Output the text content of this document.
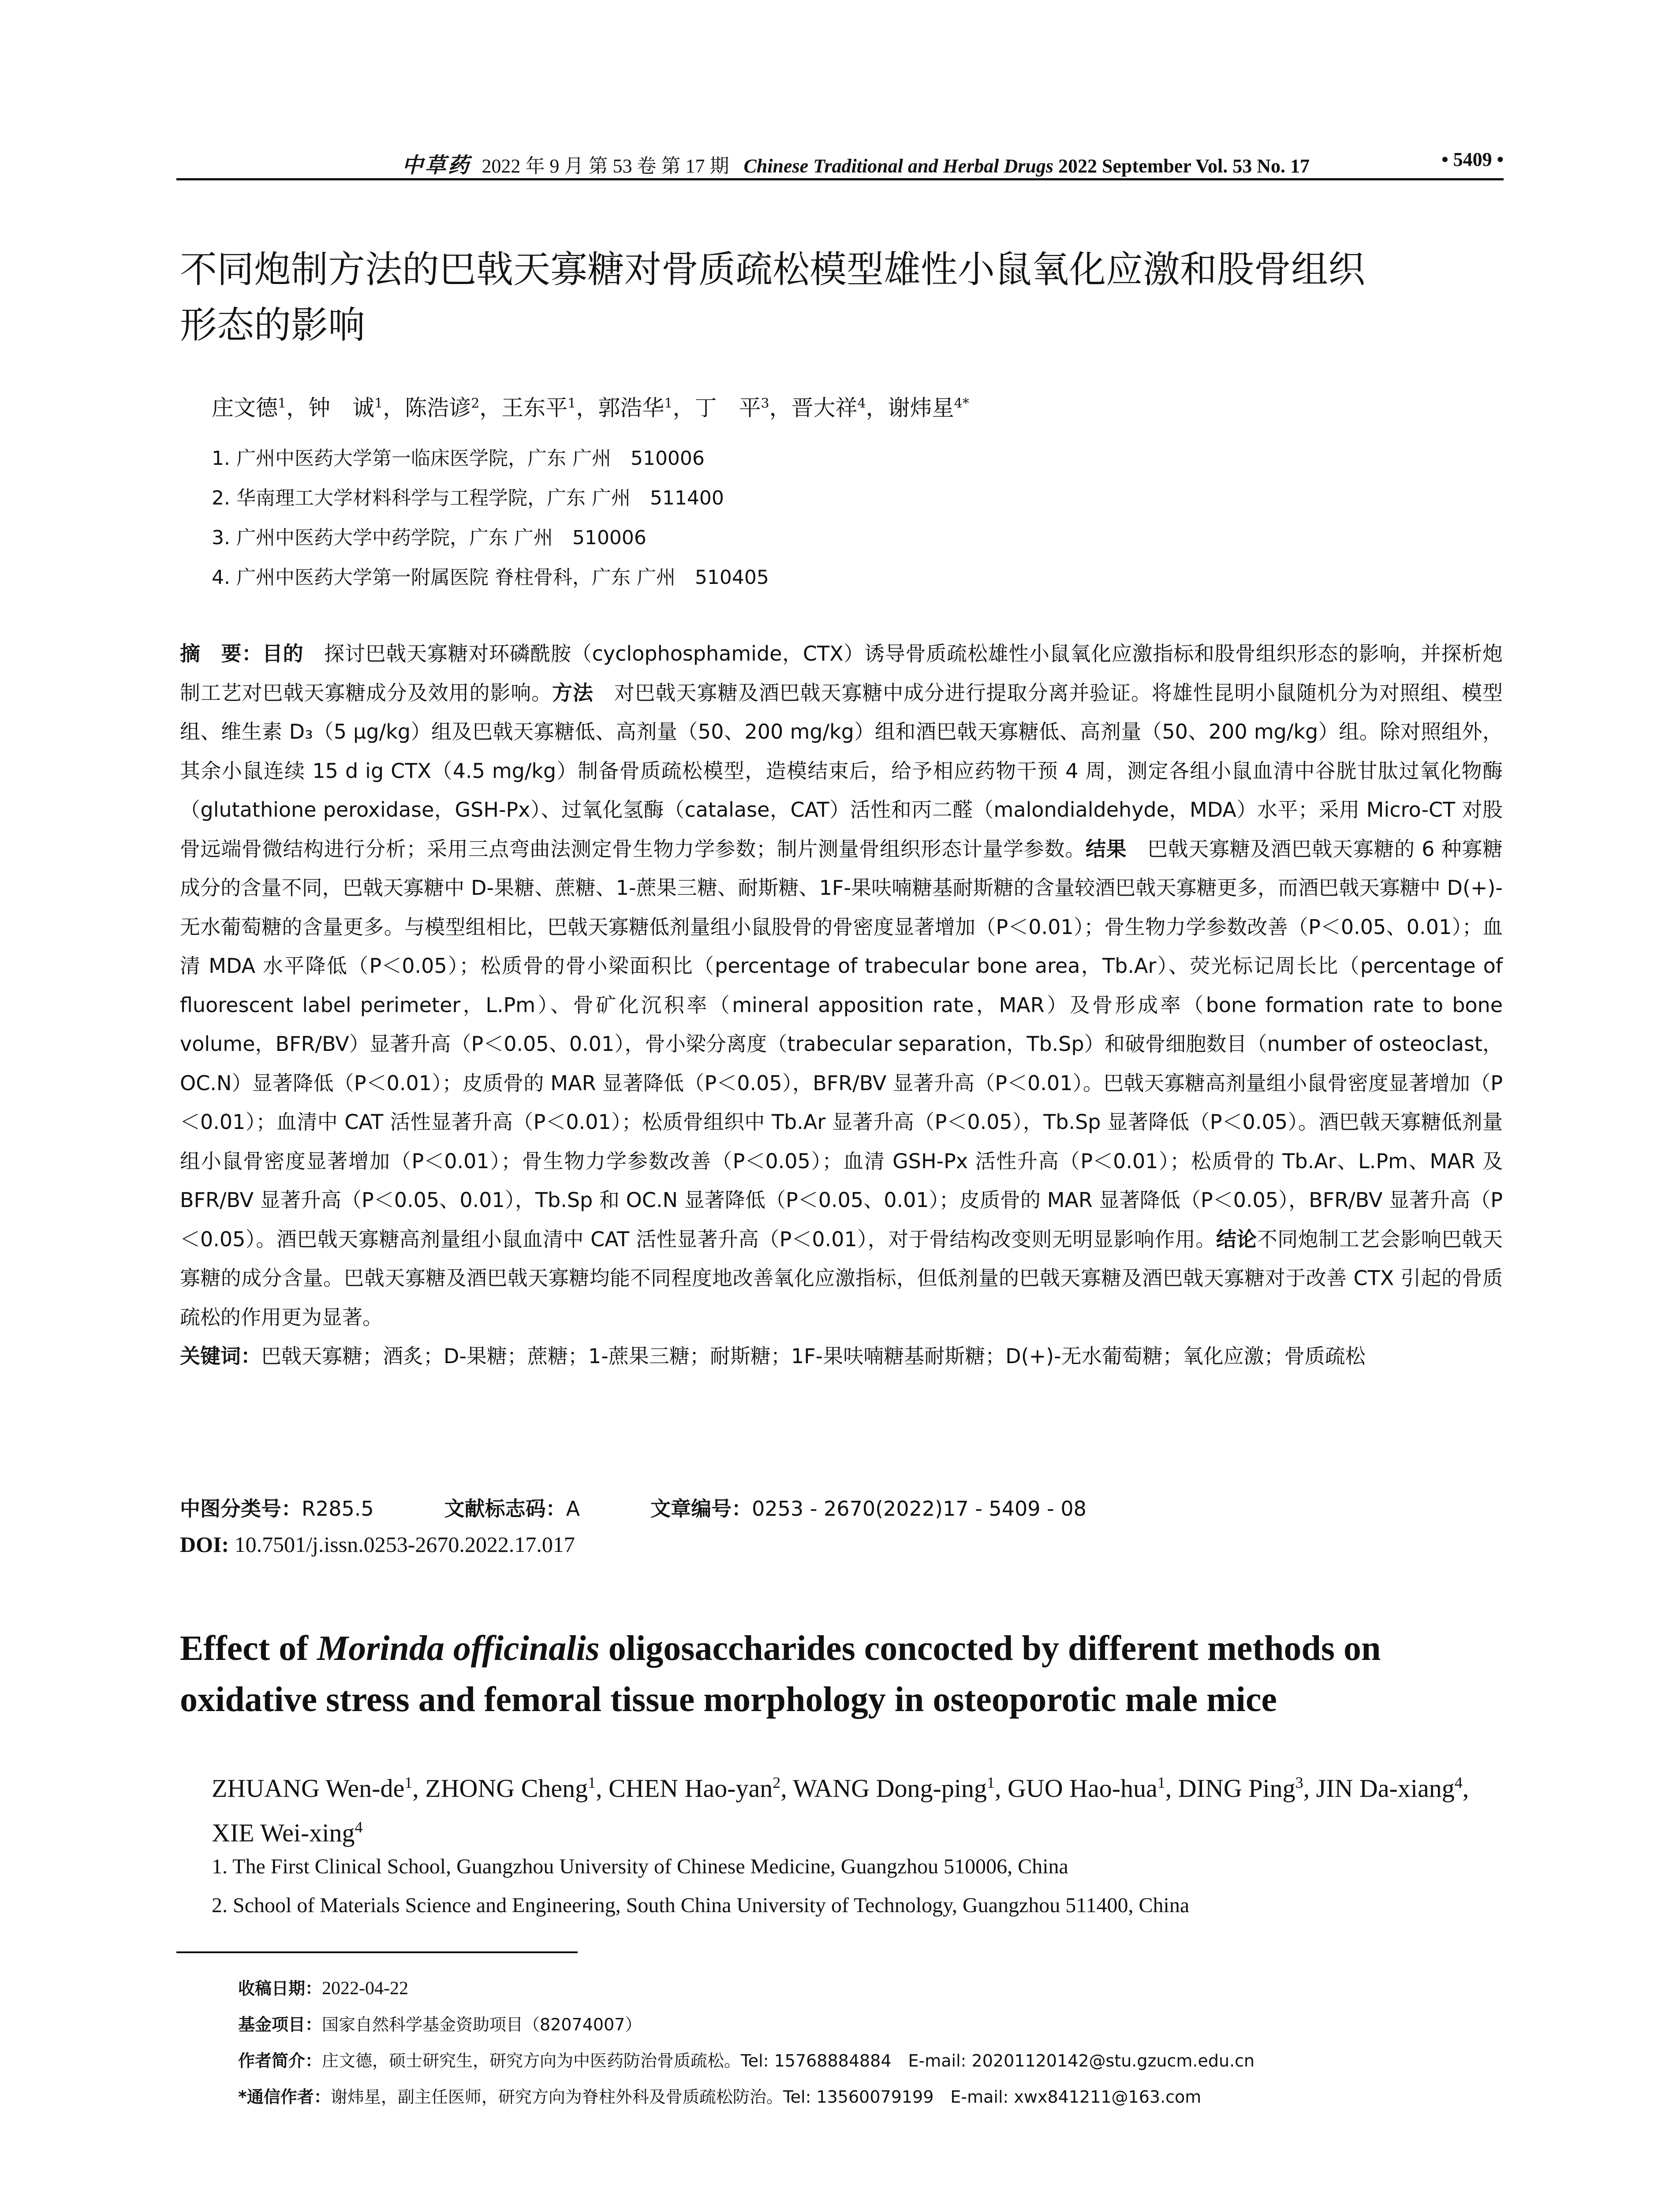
中草药 2022 年 9 月 第 53 卷 第 17 期 Chinese Traditional and Herbal Drugs 2022 September Vol. 53 No. 17	• 5409 •
不同炮制方法的巴戟天寡糖对骨质疏松模型雄性小鼠氧化应激和股骨组织
形态的影响
庄文德$^1$，钟　诚$^1$，陈浩谚$^2$，王东平$^1$，郭浩华$^1$，丁　平$^3$，晋大祥$^4$，谢炜星$^{4*}$
1. 广州中医药大学第一临床医学院，广东 广州　510006
2. 华南理工大学材料科学与工程学院，广东 广州　511400
3. 广州中医药大学中药学院，广东 广州　510006
4. 广州中医药大学第一附属医院 脊柱骨科，广东 广州　510405
摘　要：目的　探讨巴戟天寡糖对环磷酰胺（cyclophosphamide，CTX）诱导骨质疏松雄性小鼠氧化应激指标和股骨组织形态的影响，并探析炮制工艺对巴戟天寡糖成分及效用的影响。方法　对巴戟天寡糖及酒巴戟天寡糖中成分进行提取分离并验证。将雄性昆明小鼠随机分为对照组、模型组、维生素 D₃（5 μg/kg）组及巴戟天寡糖低、高剂量（50、200 mg/kg）组和酒巴戟天寡糖低、高剂量（50、200 mg/kg）组。除对照组外，其余小鼠连续 15 d ig CTX（4.5 mg/kg）制备骨质疏松模型，造模结束后，给予相应药物干预 4 周，测定各组小鼠血清中谷胱甘肽过氧化物酶（glutathione peroxidase，GSH-Px）、过氧化氢酶（catalase，CAT）活性和丙二醛（malondialdehyde，MDA）水平；采用 Micro-CT 对股骨远端骨微结构进行分析；采用三点弯曲法测定骨生物力学参数；制片测量骨组织形态计量学参数。结果　巴戟天寡糖及酒巴戟天寡糖的 6 种寡糖成分的含量不同，巴戟天寡糖中 D-果糖、蔗糖、1-蔗果三糖、耐斯糖、1F-果呋喃糖基耐斯糖的含量较酒巴戟天寡糖更多，而酒巴戟天寡糖中 D(+)-无水葡萄糖的含量更多。与模型组相比，巴戟天寡糖低剂量组小鼠股骨的骨密度显著增加（P＜0.01）；骨生物力学参数改善（P＜0.05、0.01）；血清 MDA 水平降低（P＜0.05）；松质骨的骨小梁面积比（percentage of trabecular bone area，Tb.Ar）、荧光标记周长比（percentage of fluorescent label perimeter，L.Pm）、骨矿化沉积率（mineral apposition rate，MAR）及骨形成率（bone formation rate to bone volume，BFR/BV）显著升高（P＜0.05、0.01），骨小梁分离度（trabecular separation，Tb.Sp）和破骨细胞数目（number of osteoclast，OC.N）显著降低（P＜0.01）；皮质骨的 MAR 显著降低（P＜0.05），BFR/BV 显著升高（P＜0.01）。巴戟天寡糖高剂量组小鼠骨密度显著增加（P＜0.01）；血清中 CAT 活性显著升高（P＜0.01）；松质骨组织中 Tb.Ar 显著升高（P＜0.05），Tb.Sp 显著降低（P＜0.05）。酒巴戟天寡糖低剂量组小鼠骨密度显著增加（P＜0.01）；骨生物力学参数改善（P＜0.05）；血清 GSH-Px 活性升高（P＜0.01）；松质骨的 Tb.Ar、L.Pm、MAR 及 BFR/BV 显著升高（P＜0.05、0.01），Tb.Sp 和 OC.N 显著降低（P＜0.05、0.01）；皮质骨的 MAR 显著降低（P＜0.05），BFR/BV 显著升高（P＜0.05）。酒巴戟天寡糖高剂量组小鼠血清中 CAT 活性显著升高（P＜0.01），对于骨结构改变则无明显影响作用。结论不同炮制工艺会影响巴戟天寡糖的成分含量。巴戟天寡糖及酒巴戟天寡糖均能不同程度地改善氧化应激指标，但低剂量的巴戟天寡糖及酒巴戟天寡糖对于改善 CTX 引起的骨质疏松的作用更为显著。
关键词：巴戟天寡糖；酒炙；D-果糖；蔗糖；1-蔗果三糖；耐斯糖；1F-果呋喃糖基耐斯糖；D(+)-无水葡萄糖；氧化应激；骨质疏松
中图分类号：R285.5	文献标志码：A	文章编号：0253 - 2670(2022)17 - 5409 - 08
DOI: 10.7501/j.issn.0253-2670.2022.17.017
Effect of Morinda officinalis oligosaccharides concocted by different methods on oxidative stress and femoral tissue morphology in osteoporotic male mice
ZHUANG Wen-$de^1$, ZHONG Cheng$^1$, CHEN Hao-yan$^2$, WANG Dong-ping$^1$, GUO Hao-hua$^1$, DING Ping$^3$, JIN Da-xiang$^4$, XIE Wei-xing$^4$
1. The First Clinical School, Guangzhou University of Chinese Medicine, Guangzhou 510006, China
2. School of Materials Science and Engineering, South China University of Technology, Guangzhou 511400, China
收稿日期：2022-04-22
基金项目：国家自然科学基金资助项目（82074007）
作者简介：庄文德，硕士研究生，研究方向为中医药防治骨质疏松。Tel: 15768884884　E-mail: 20201120142@stu.gzucm.edu.cn
*通信作者：谢炜星，副主任医师，研究方向为脊柱外科及骨质疏松防治。Tel: 13560079199　E-mail: xwx841211@163.com
